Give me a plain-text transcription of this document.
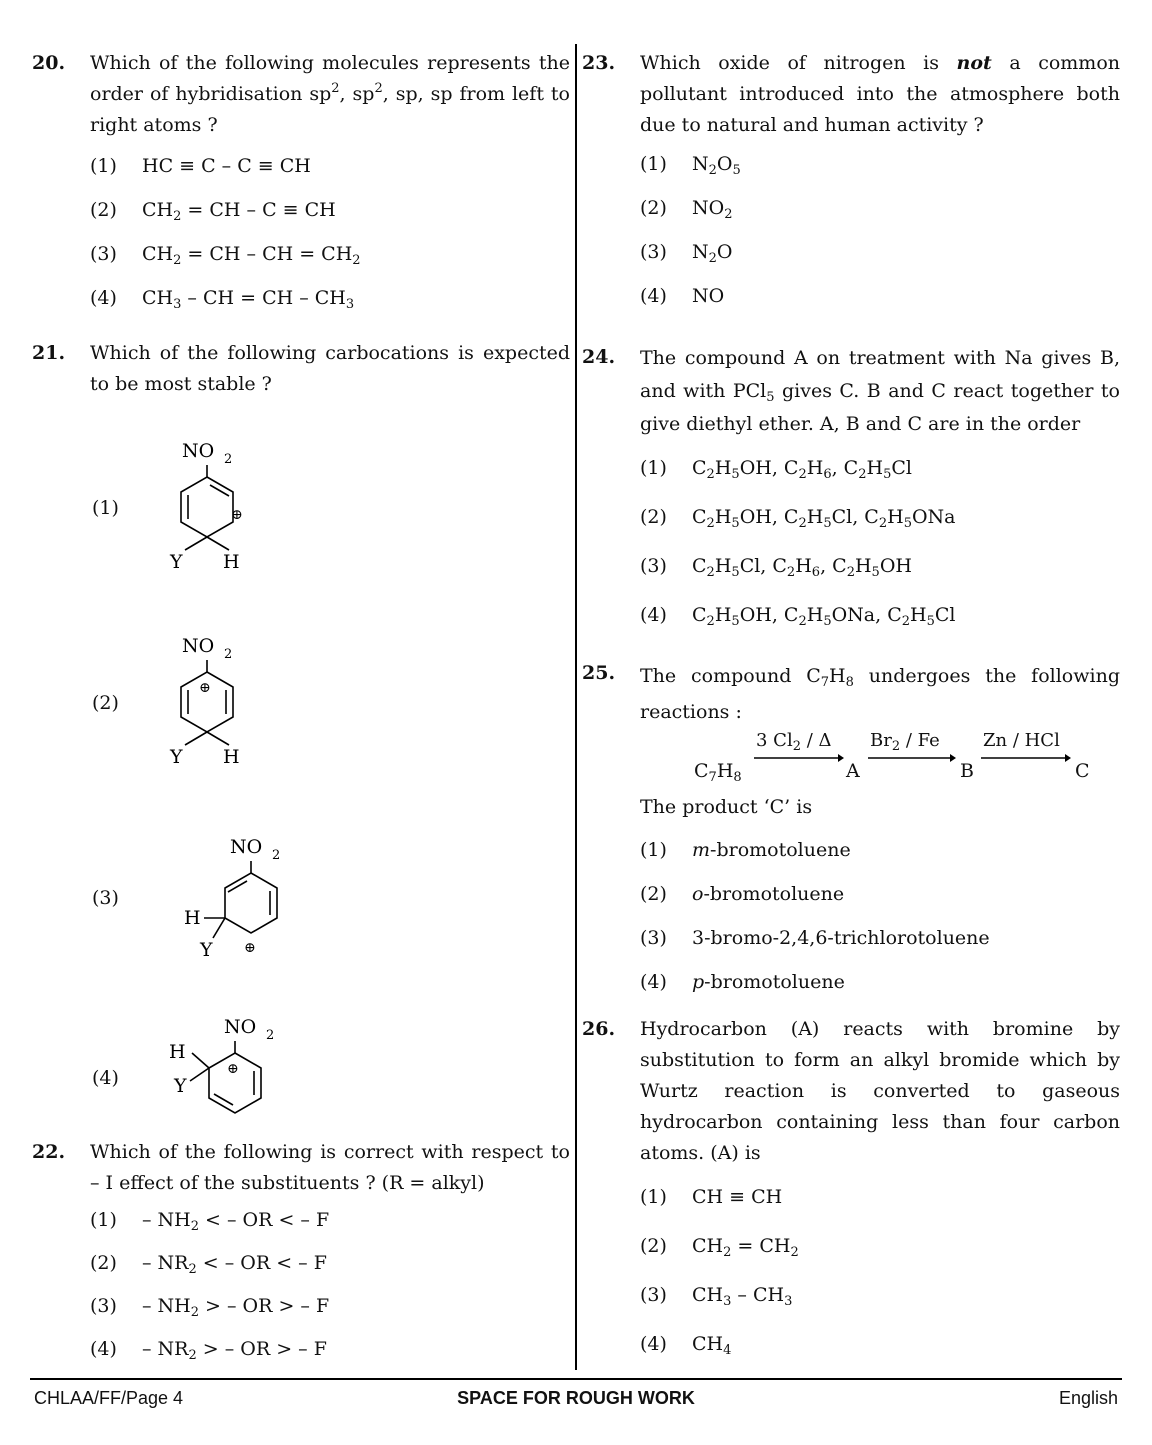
20. Which of the following molecules represents the order of hybridisation $sp^2$, $sp^2$, sp, sp from left to right atoms ?
(1) HC ≡ C – C ≡ CH
(2) $CH_2$ = CH – C ≡ CH
(3) $CH_2$ = CH – CH = $CH_2$
(4) $CH_3$ – CH = CH – $CH_3$
21. Which of the following carbocations is expected to be most stable ?
(1)
NO 2
⊕
Y H
(2)
NO 2
⊕
Y H
(3)
NO 2
⊕
H
Y
(4)
NO 2
⊕
H
Y
22. Which of the following is correct with respect to – I effect of the substituents ? (R = alkyl)
$(1) - NH_2$ < – OR < – F
$(2) - NR_2$ < – OR < – F
$(3) - NH_2$ > – OR > – F
$(4) - NR_2$ > – OR > – F
23. Which oxide of nitrogen is not a common pollutant introduced into the atmosphere both due to natural and human activity ?
(1) $N_2O_5$
(2) $NO_2$
(3) $N_2O$
(4) NO
24. The compound A on treatment with Na gives B, and with PCl$_5$ gives C. B and C react together to give diethyl ether. A, B and C are in the order
(1) $C_2H_5OH$, $C_2H_6$, $C_2H_5Cl$
(2) $C_2H_5OH$, $C_2H_5Cl$, $C_2H_5ONa$
(3) $C_2H_5Cl$, $C_2H_6$, $C_2H_5OH$
(4) $C_2H_5OH$, $C_2H_5ONa$, $C_2H_5Cl$
25. The compound $C_7H_8$ undergoes the following reactions :
$C_7H_8$
3 $Cl_2$ / Δ
A
$Br_2$ / Fe
B
Zn / HCl
C
The product ‘C’ is
(1) m-bromotoluene
(2) o-bromotoluene
(3) 3-bromo-2,4,6-trichlorotoluene
(4) p-bromotoluene
26. Hydrocarbon (A) reacts with bromine by substitution to form an alkyl bromide which by Wurtz reaction is converted to gaseous hydrocarbon containing less than four carbon atoms. (A) is
(1) CH ≡ CH
(2) $CH_2 = CH_2$
(3) $CH_3 - CH_3$
(4) $CH_4$
CHLAA/FF/Page 4	SPACE FOR ROUGH WORK	English
